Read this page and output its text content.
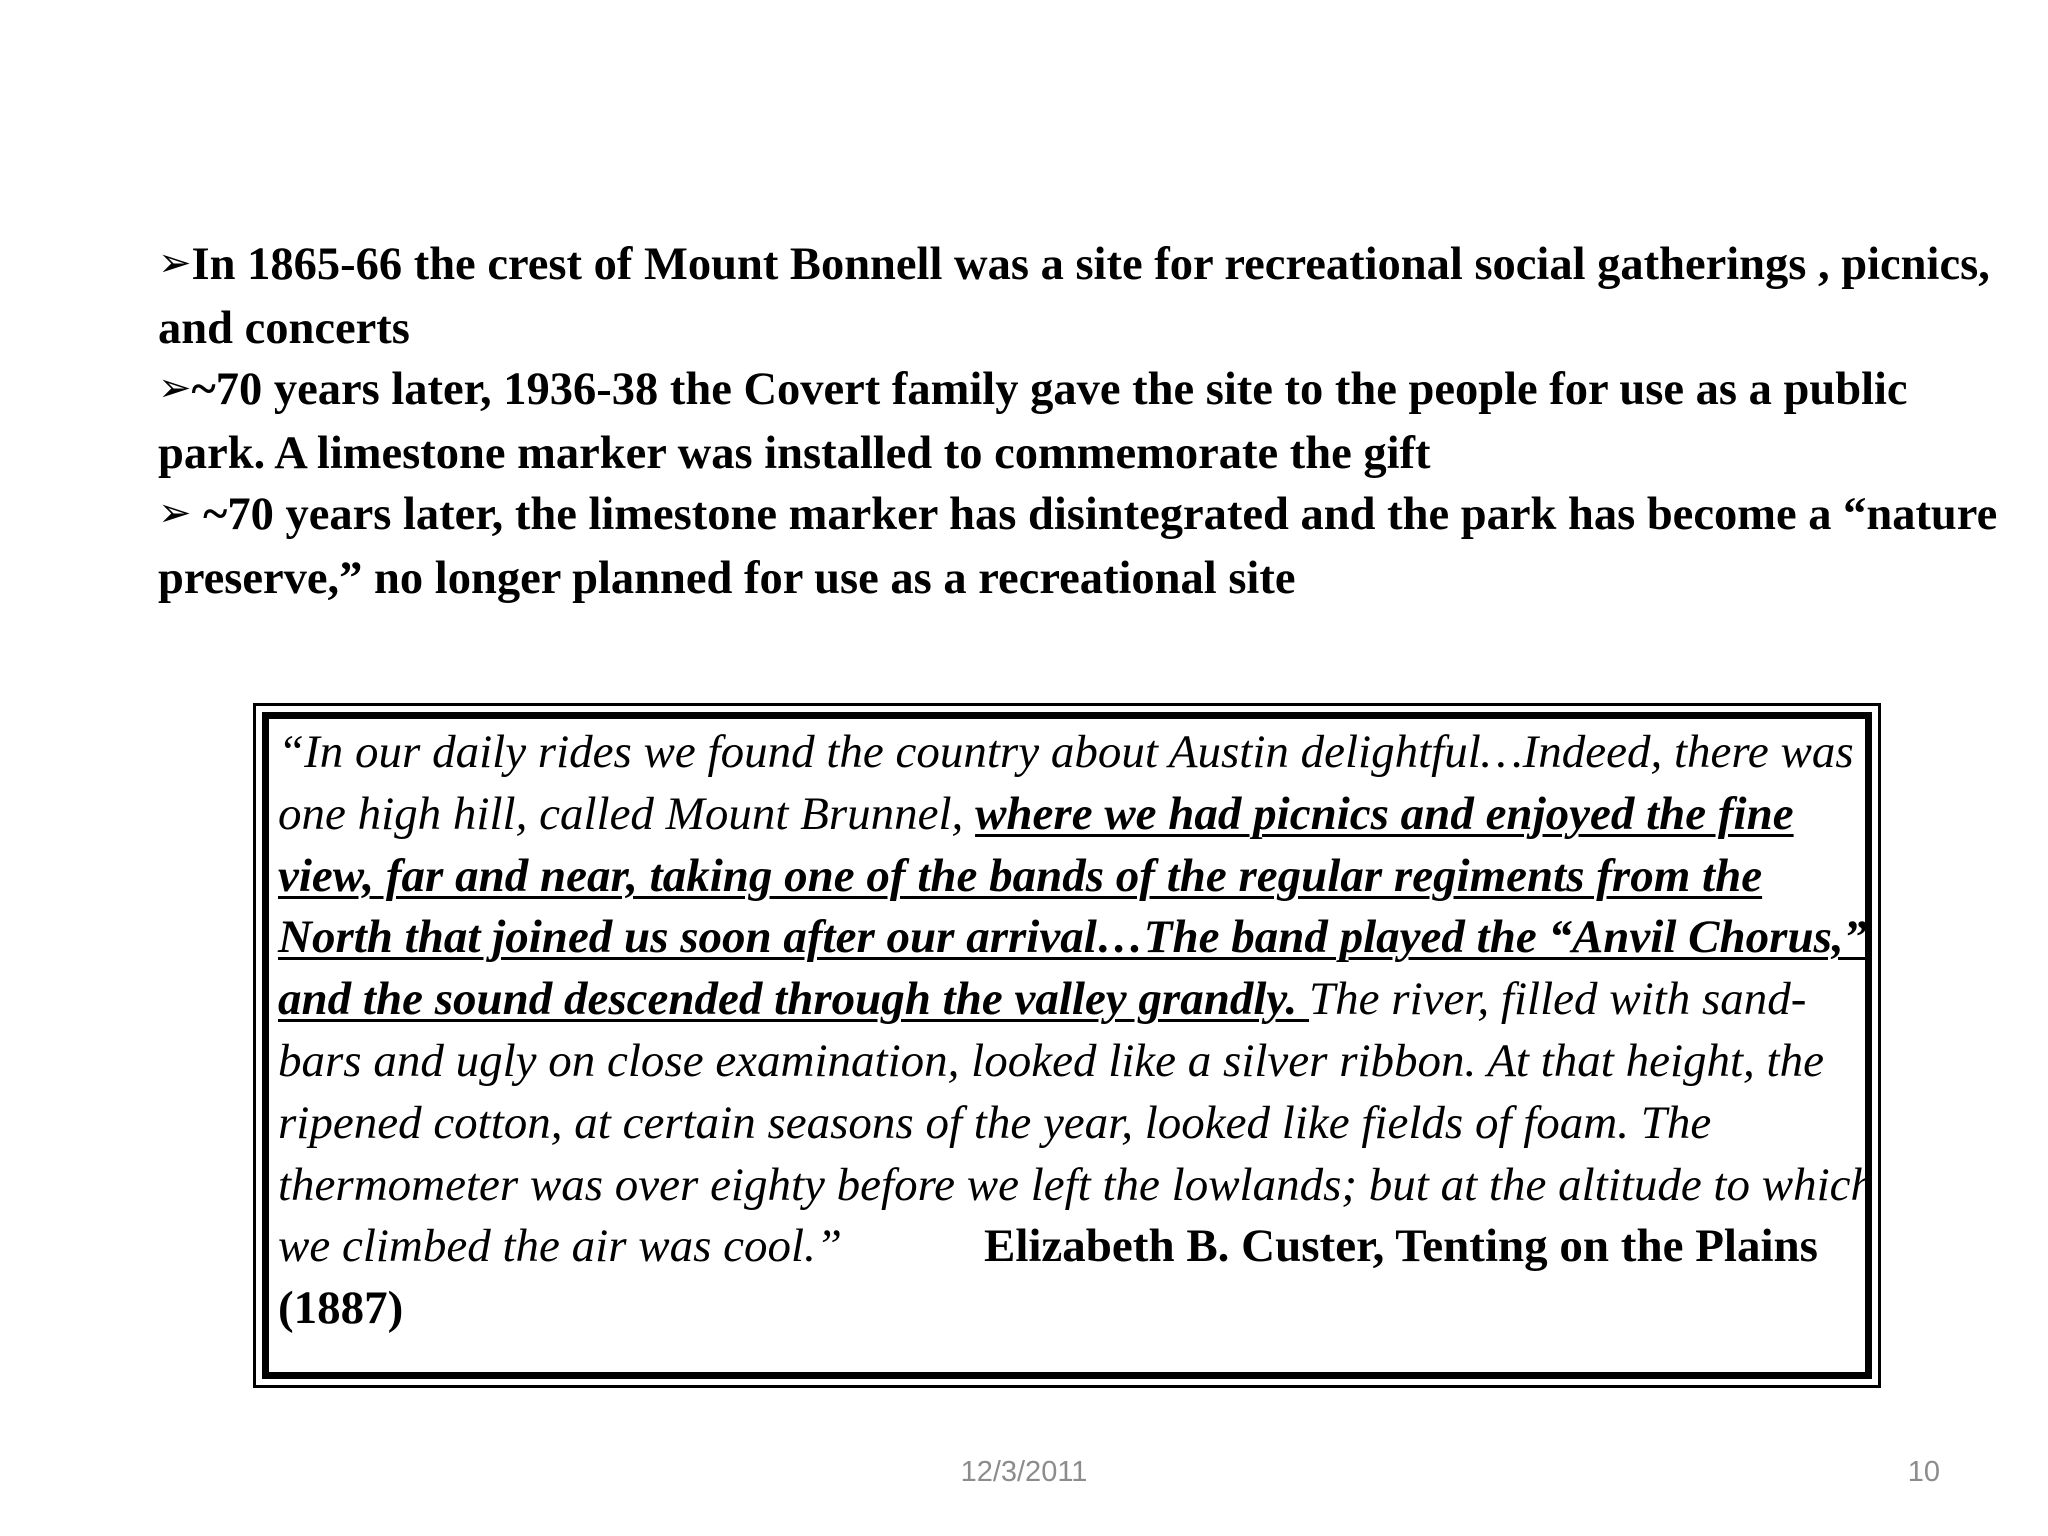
➢In 1865-66 the crest of Mount Bonnell was a site for recreational social gatherings , picnics, and concerts

➢~70 years later, 1936-38 the Covert family gave the site to the people for use as a public park. A limestone marker was installed to commemorate the gift

➢ ~70 years later, the limestone marker has disintegrated and the park has become a “nature preserve,” no longer planned for use as a recreational site

“In our daily rides we found the country about Austin delightful…Indeed, there was one high hill, called Mount Brunnel, where we had picnics and enjoyed the fine view, far and near, taking one of the bands of the regular regiments from the North that joined us soon after our arrival…The band played the “Anvil Chorus,” and the sound descended through the valley grandly. The river, filled with sand-bars and ugly on close examination, looked like a silver ribbon. At that height, the ripened cotton, at certain seasons of the year, looked like fields of foam. The thermometer was over eighty before we left the lowlands; but at the altitude to which we climbed the air was cool.”	Elizabeth B. Custer, Tenting on the Plains (1887)
12/3/2011	10
